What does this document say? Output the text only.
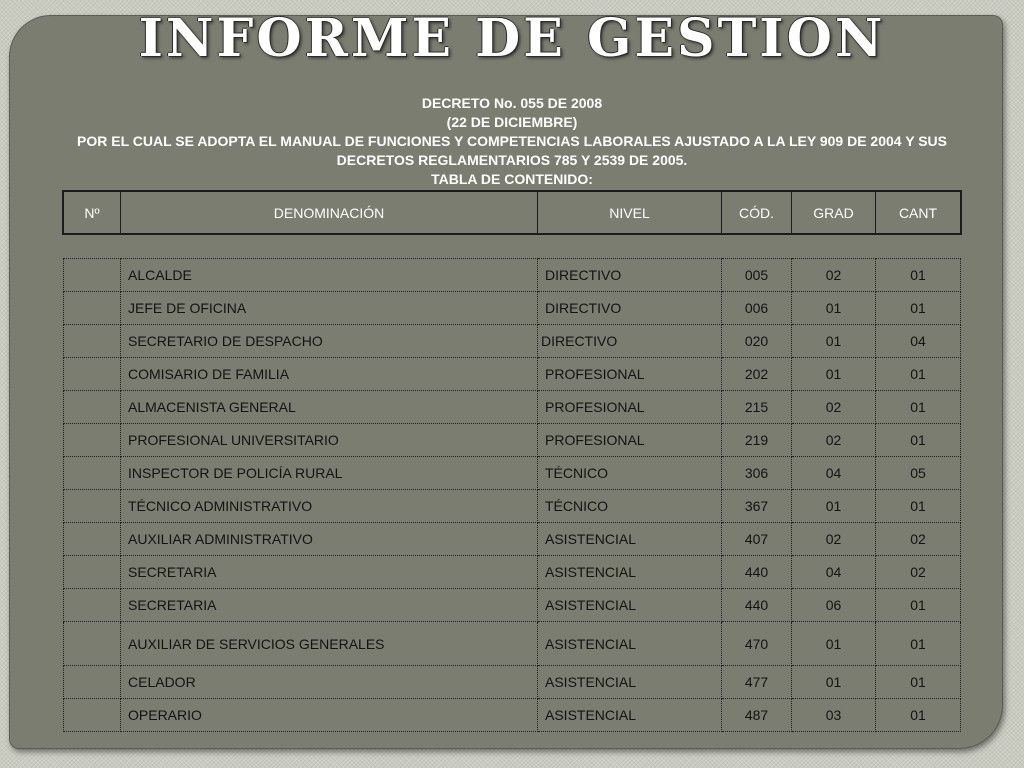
INFORME DE GESTION
DECRETO No. 055 DE 2008
(22 DE DICIEMBRE)
POR EL CUAL SE ADOPTA EL MANUAL DE FUNCIONES Y COMPETENCIAS LABORALES AJUSTADO A LA LEY 909 DE 2004 Y SUS
DECRETOS REGLAMENTARIOS 785 Y 2539 DE 2005.
TABLA DE CONTENIDO:
Nº	DENOMINACIÓN	NIVEL	CÓD.	GRAD	CANT
	ALCALDE	DIRECTIVO	005	02	01
	JEFE DE OFICINA	DIRECTIVO	006	01	01
	SECRETARIO DE DESPACHO	DIRECTIVO	020	01	04
	COMISARIO DE FAMILIA	PROFESIONAL	202	01	01
	ALMACENISTA GENERAL	PROFESIONAL	215	02	01
	PROFESIONAL UNIVERSITARIO	PROFESIONAL	219	02	01
	INSPECTOR DE POLICÍA RURAL	TÉCNICO	306	04	05
	TÉCNICO ADMINISTRATIVO	TÉCNICO	367	01	01
	AUXILIAR ADMINISTRATIVO	ASISTENCIAL	407	02	02
	SECRETARIA	ASISTENCIAL	440	04	02
	SECRETARIA	ASISTENCIAL	440	06	01
	AUXILIAR DE SERVICIOS GENERALES	ASISTENCIAL	470	01	01
	CELADOR	ASISTENCIAL	477	01	01
	OPERARIO	ASISTENCIAL	487	03	01
